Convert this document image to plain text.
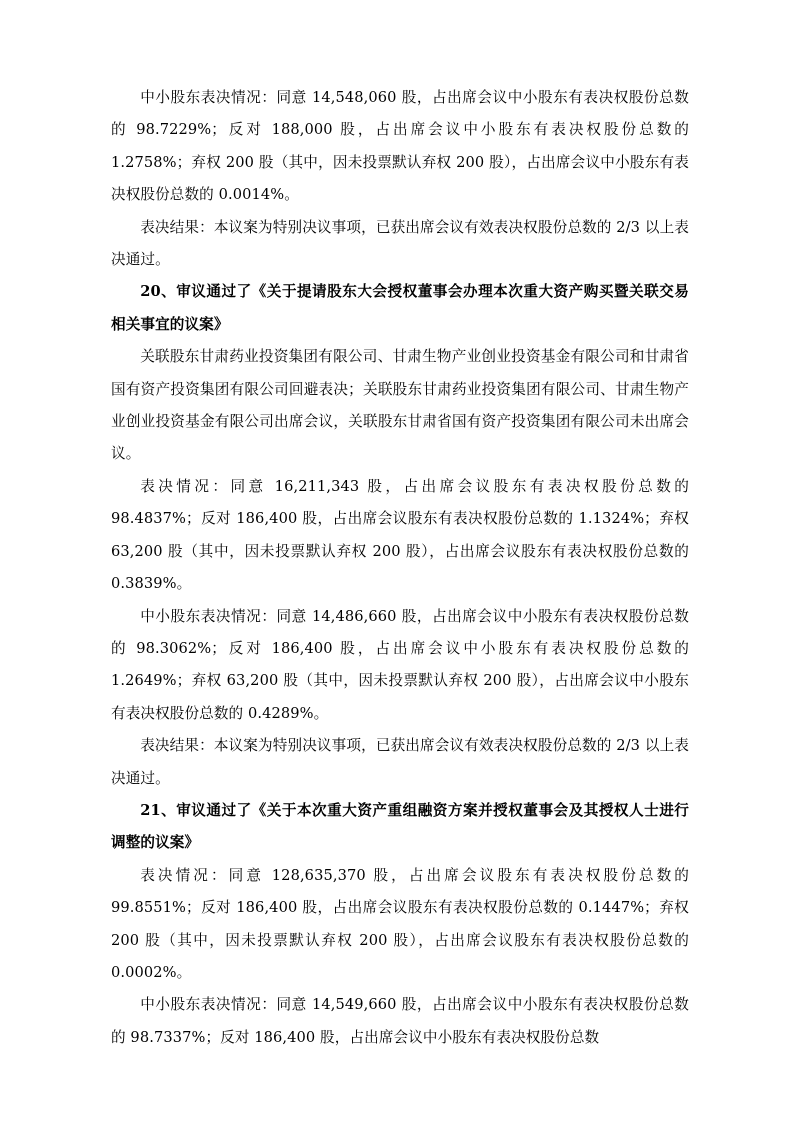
中小股东表决情况：同意 14,548,060 股，占出席会议中小股东有表决权股份总数的 98.7229%；反对 188,000 股，占出席会议中小股东有表决权股份总数的 1.2758%；弃权 200 股（其中，因未投票默认弃权 200 股），占出席会议中小股东有表决权股份总数的 0.0014%。

表决结果：本议案为特别决议事项，已获出席会议有效表决权股份总数的 2/3 以上表决通过。

20、审议通过了《关于提请股东大会授权董事会办理本次重大资产购买暨关联交易相关事宜的议案》

关联股东甘肃药业投资集团有限公司、甘肃生物产业创业投资基金有限公司和甘肃省国有资产投资集团有限公司回避表决；关联股东甘肃药业投资集团有限公司、甘肃生物产业创业投资基金有限公司出席会议，关联股东甘肃省国有资产投资集团有限公司未出席会议。

表决情况：同意 16,211,343 股，占出席会议股东有表决权股份总数的 98.4837%；反对 186,400 股，占出席会议股东有表决权股份总数的 1.1324%；弃权 63,200 股（其中，因未投票默认弃权 200 股），占出席会议股东有表决权股份总数的 0.3839%。

中小股东表决情况：同意 14,486,660 股，占出席会议中小股东有表决权股份总数的 98.3062%；反对 186,400 股，占出席会议中小股东有表决权股份总数的 1.2649%；弃权 63,200 股（其中，因未投票默认弃权 200 股），占出席会议中小股东有表决权股份总数的 0.4289%。

表决结果：本议案为特别决议事项，已获出席会议有效表决权股份总数的 2/3 以上表决通过。

21、审议通过了《关于本次重大资产重组融资方案并授权董事会及其授权人士进行调整的议案》

表决情况：同意 128,635,370 股，占出席会议股东有表决权股份总数的 99.8551%；反对 186,400 股，占出席会议股东有表决权股份总数的 0.1447%；弃权 200 股（其中，因未投票默认弃权 200 股），占出席会议股东有表决权股份总数的 0.0002%。

中小股东表决情况：同意 14,549,660 股，占出席会议中小股东有表决权股份总数的 98.7337%；反对 186,400 股，占出席会议中小股东有表决权股份总数
